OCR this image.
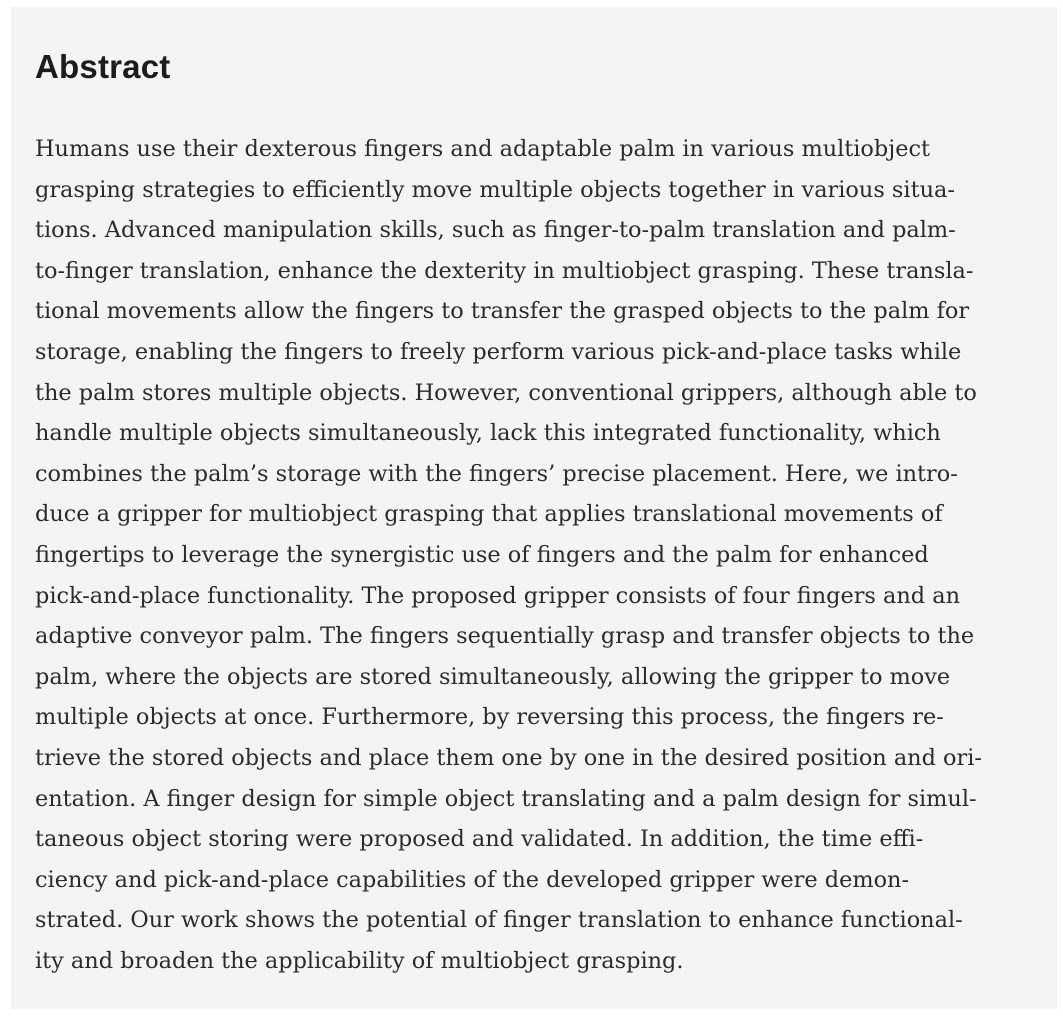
Abstract

Humans use their dexterous fingers and adaptable palm in various multiobject
grasping strategies to efficiently move multiple objects together in various situa-
tions. Advanced manipulation skills, such as finger-to-palm translation and palm-
to-finger translation, enhance the dexterity in multiobject grasping. These transla-
tional movements allow the fingers to transfer the grasped objects to the palm for
storage, enabling the fingers to freely perform various pick-and-place tasks while
the palm stores multiple objects. However, conventional grippers, although able to
handle multiple objects simultaneously, lack this integrated functionality, which
combines the palm’s storage with the fingers’ precise placement. Here, we intro-
duce a gripper for multiobject grasping that applies translational movements of
fingertips to leverage the synergistic use of fingers and the palm for enhanced
pick-and-place functionality. The proposed gripper consists of four fingers and an
adaptive conveyor palm. The fingers sequentially grasp and transfer objects to the
palm, where the objects are stored simultaneously, allowing the gripper to move
multiple objects at once. Furthermore, by reversing this process, the fingers re-
trieve the stored objects and place them one by one in the desired position and ori-
entation. A finger design for simple object translating and a palm design for simul-
taneous object storing were proposed and validated. In addition, the time effi-
ciency and pick-and-place capabilities of the developed gripper were demon-
strated. Our work shows the potential of finger translation to enhance functional-
ity and broaden the applicability of multiobject grasping.
